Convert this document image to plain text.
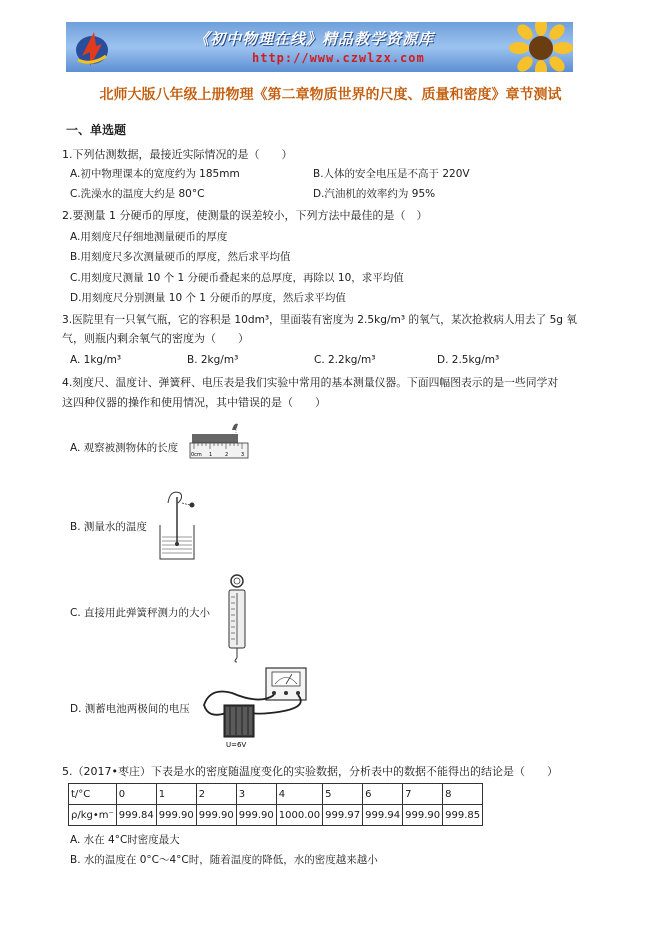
《初中物理在线》精品教学资源库
http://www.czwlzx.com
北师大版八年级上册物理《第二章物质世界的尺度、质量和密度》章节测试
一、单选题
1.下列估测数据，最接近实际情况的是（　　）
A.初中物理课本的宽度约为 185mm	B.人体的安全电压是不高于 220V
C.洗澡水的温度大约是 80°C	D.汽油机的效率约为 95%
2.要测量 1 分硬币的厚度，使测量的误差较小，下列方法中最佳的是（　）
A.用刻度尺仔细地测量硬币的厚度
B.用刻度尺多次测量硬币的厚度，然后求平均值
C.用刻度尺测量 10 个 1 分硬币叠起来的总厚度，再除以 10，求平均值
D.用刻度尺分别测量 10 个 1 分硬币的厚度，然后求平均值
3.医院里有一只氧气瓶，它的容积是 10dm³，里面装有密度为 2.5kg/m³ 的氧气，某次抢救病人用去了 5g 氧
气，则瓶内剩余氧气的密度为（　　）
A. 1kg/m³	B. 2kg/m³	C. 2.2kg/m³	D. 2.5kg/m³
4.刻度尺、温度计、弹簧秤、电压表是我们实验中常用的基本测量仪器。下面四幅图表示的是一些同学对
这四种仪器的操作和使用情况，其中错误的是（　　）
A. 观察被测物体的长度
0cm 1	2	3
B. 测量水的温度
C. 直接用此弹簧秤测力的大小
D. 测蓄电池两极间的电压
U=6V
5.（2017•枣庄）下表是水的密度随温度变化的实验数据，分析表中的数据不能得出的结论是（　　）
t/°C	0	1	2	3	4	5	6	7	8
ρ/kg•m⁻	999.84	999.90	999.90	999.90	1000.00	999.97	999.94	999.90	999.85
A. 水在 4°C时密度最大
B. 水的温度在 0°C～4°C时，随着温度的降低，水的密度越来越小
